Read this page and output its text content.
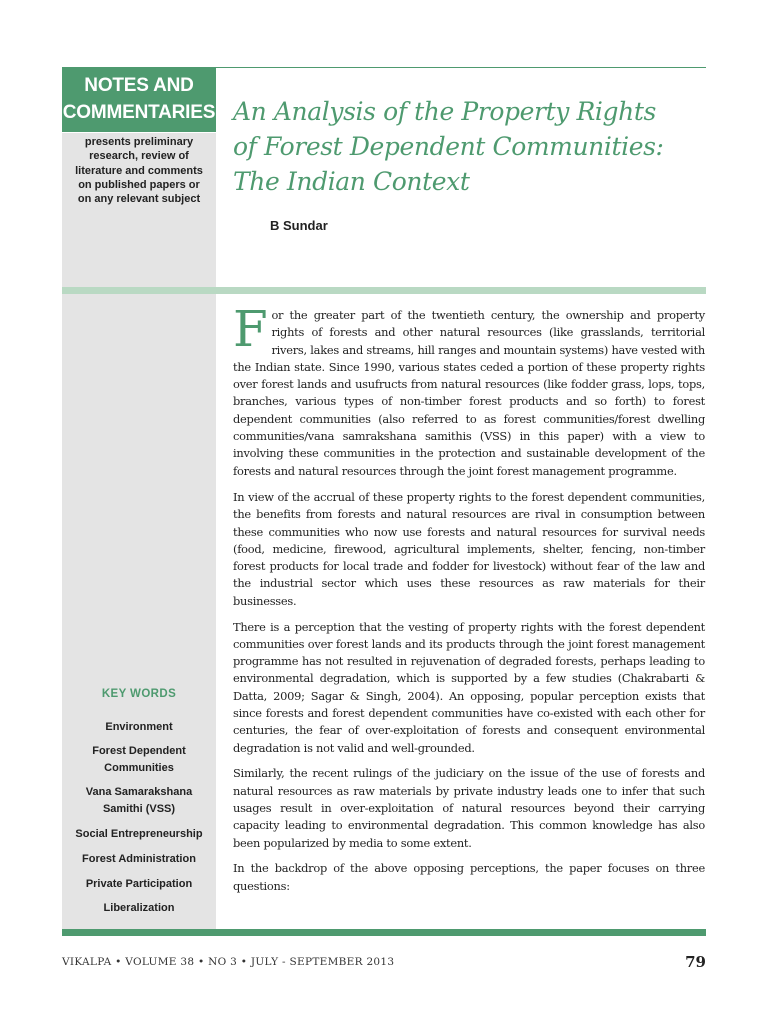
NOTES AND
COMMENTARIES
presents preliminary research, review of literature and comments on published papers or on any relevant subject
An Analysis of the Property Rights
of Forest Dependent Communities:
The Indian Context

B Sundar

KEY WORDS
Environment
Forest Dependent Communities
Vana Samarakshana Samithi (VSS)
Social Entrepreneurship
Forest Administration
Private Participation
Liberalization

For the greater part of the twentieth century, the ownership and property rights of forests and other natural resources (like grasslands, territorial rivers, lakes and streams, hill ranges and mountain systems) have vested with the Indian state. Since 1990, various states ceded a portion of these property rights over forest lands and usufructs from natural resources (like fodder grass, lops, tops, branches, various types of non-timber forest products and so forth) to forest dependent communities (also referred to as forest communities/forest dwelling communities/vana samrakshana samithis (VSS) in this paper) with a view to involving these communities in the protection and sustainable development of the forests and natural resources through the joint forest management programme.

In view of the accrual of these property rights to the forest dependent communities, the benefits from forests and natural resources are rival in consumption between these communities who now use forests and natural resources for survival needs (food, medicine, firewood, agricultural implements, shelter, fencing, non-timber forest products for local trade and fodder for livestock) without fear of the law and the industrial sector which uses these resources as raw materials for their businesses.

There is a perception that the vesting of property rights with the forest dependent communities over forest lands and its products through the joint forest management programme has not resulted in rejuvenation of degraded forests, perhaps leading to environmental degradation, which is supported by a few studies (Chakrabarti & Datta, 2009; Sagar & Singh, 2004). An opposing, popular perception exists that since forests and forest dependent communities have co-existed with each other for centuries, the fear of over-exploitation of forests and consequent environmental degradation is not valid and well-grounded.

Similarly, the recent rulings of the judiciary on the issue of the use of forests and natural resources as raw materials by private industry leads one to infer that such usages result in over-exploitation of natural resources beyond their carrying capacity leading to environmental degradation. This common knowledge has also been popularized by media to some extent.

In the backdrop of the above opposing perceptions, the paper focuses on three questions:

VIKALPA • VOLUME 38 • NO 3 • JULY - SEPTEMBER 2013	79
